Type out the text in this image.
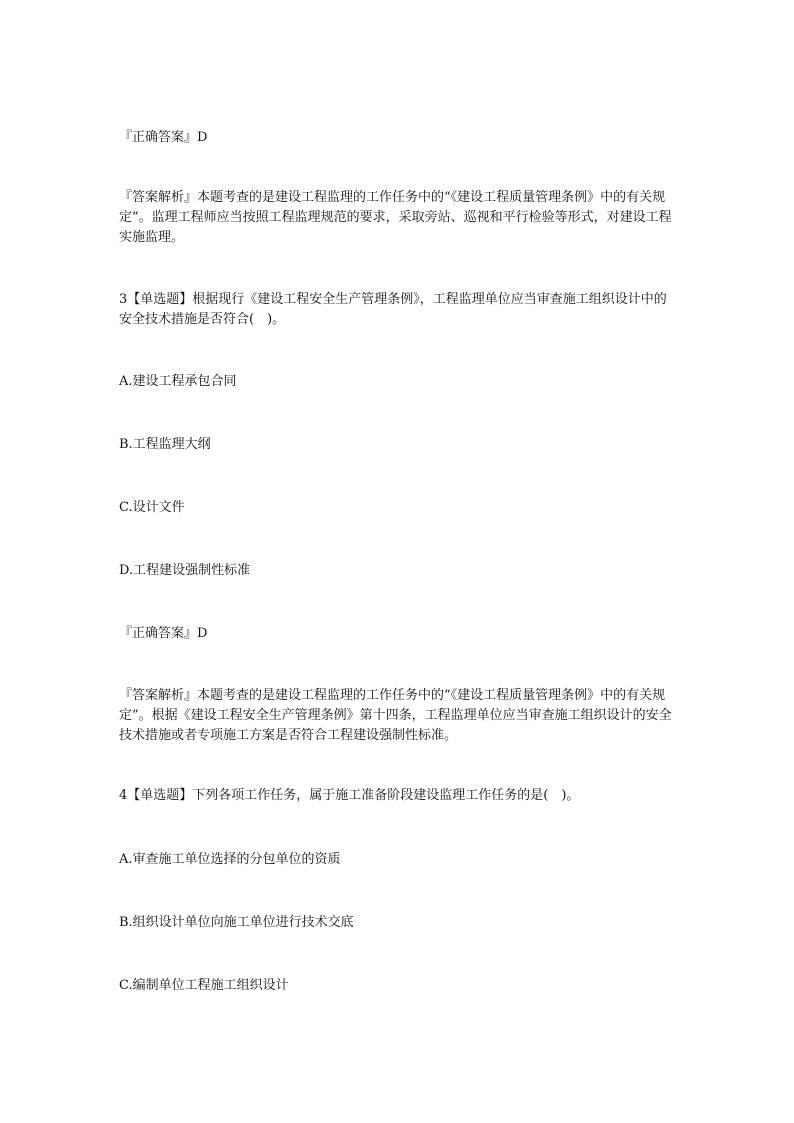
『正确答案』D

『答案解析』本题考查的是建设工程监理的工作任务中的“《建设工程质量管理条例》中的有关规定”。监理工程师应当按照工程监理规范的要求，采取旁站、巡视和平行检验等形式，对建设工程实施监理。

3【单选题】根据现行《建设工程安全生产管理条例》，工程监理单位应当审查施工组织设计中的安全技术措施是否符合(　)。

A.建设工程承包合同

B.工程监理大纲

C.设计文件

D.工程建设强制性标准

『正确答案』D

『答案解析』本题考查的是建设工程监理的工作任务中的“《建设工程质量管理条例》中的有关规定”。根据《建设工程安全生产管理条例》第十四条，工程监理单位应当审查施工组织设计的安全技术措施或者专项施工方案是否符合工程建设强制性标准。

4【单选题】下列各项工作任务，属于施工准备阶段建设监理工作任务的是(　)。

A.审查施工单位选择的分包单位的资质

B.组织设计单位向施工单位进行技术交底

C.编制单位工程施工组织设计
